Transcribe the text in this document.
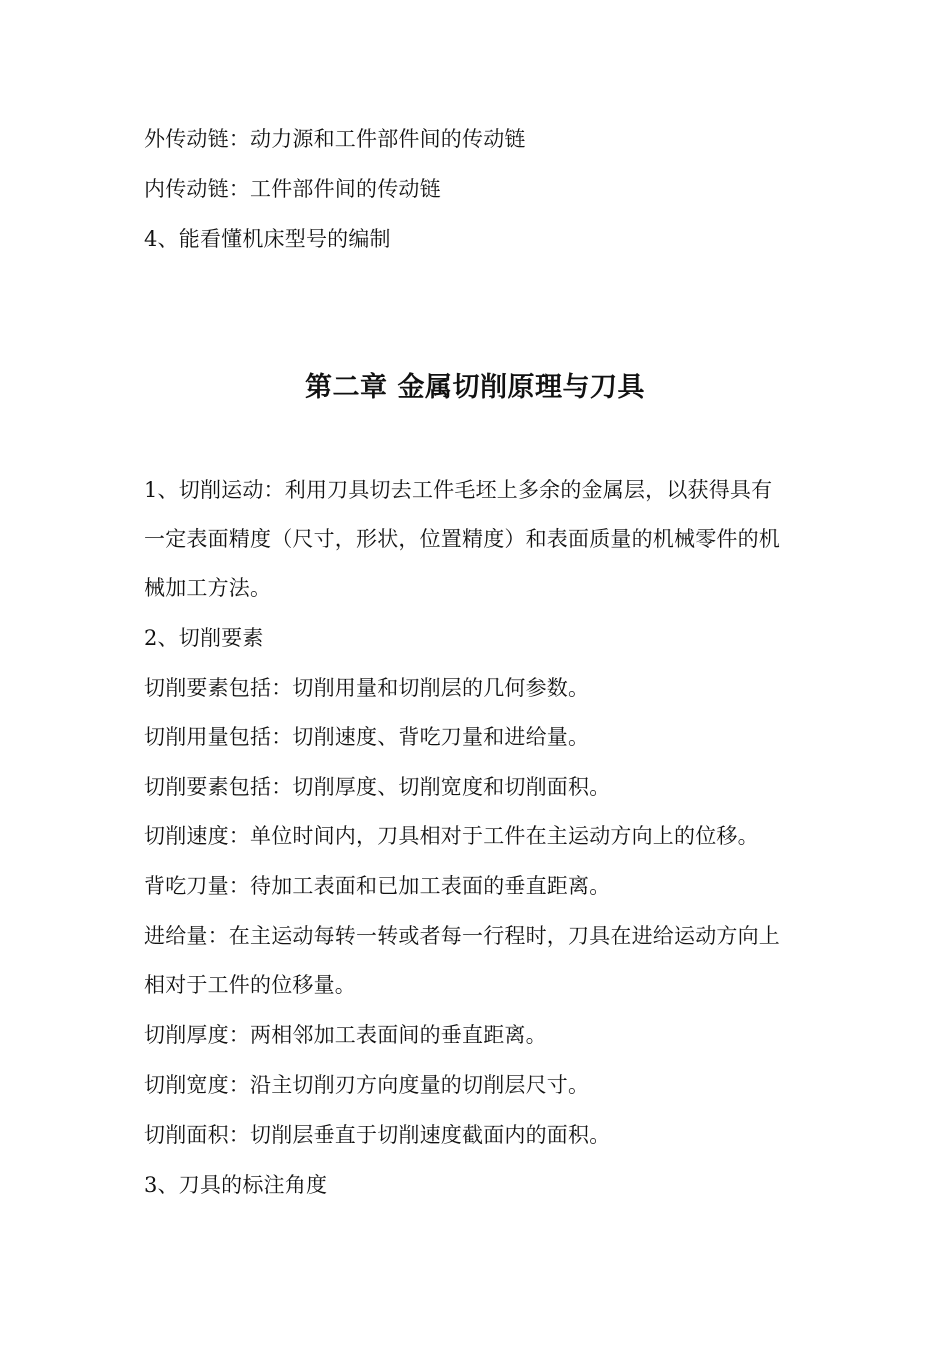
外传动链：动力源和工件部件间的传动链
内传动链：工件部件间的传动链
4、能看懂机床型号的编制
第二章 金属切削原理与刀具
1、切削运动：利用刀具切去工件毛坯上多余的金属层，以获得具有
一定表面精度（尺寸，形状，位置精度）和表面质量的机械零件的机
械加工方法。
2、切削要素
切削要素包括：切削用量和切削层的几何参数。
切削用量包括：切削速度、背吃刀量和进给量。
切削要素包括：切削厚度、切削宽度和切削面积。
切削速度：单位时间内，刀具相对于工件在主运动方向上的位移。
背吃刀量：待加工表面和已加工表面的垂直距离。
进给量：在主运动每转一转或者每一行程时，刀具在进给运动方向上
相对于工件的位移量。
切削厚度：两相邻加工表面间的垂直距离。
切削宽度：沿主切削刃方向度量的切削层尺寸。
切削面积：切削层垂直于切削速度截面内的面积。
3、刀具的标注角度
